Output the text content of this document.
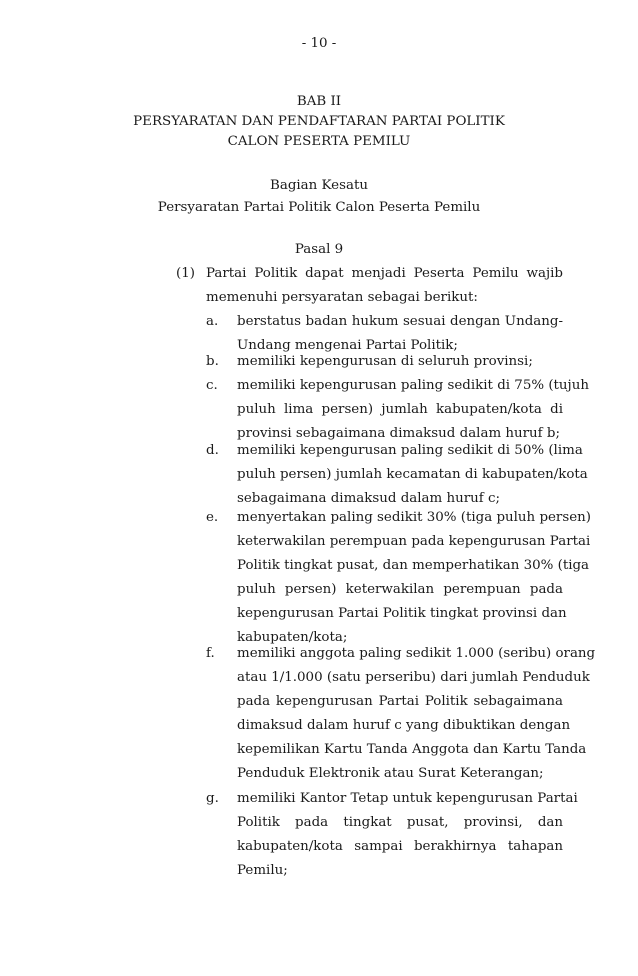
- 10 -
BAB II
PERSYARATAN DAN PENDAFTARAN PARTAI POLITIK
CALON PESERTA PEMILU
Bagian Kesatu
Persyaratan Partai Politik Calon Peserta Pemilu
Pasal 9
(1) Partai Politik dapat menjadi Peserta Pemilu wajib
memenuhi persyaratan sebagai berikut:
a. berstatus badan hukum sesuai dengan Undang-
Undang mengenai Partai Politik;
b. memiliki kepengurusan di seluruh provinsi;
c. memiliki kepengurusan paling sedikit di 75% (tujuh
puluh lima persen) jumlah kabupaten/kota di
provinsi sebagaimana dimaksud dalam huruf b;
d. memiliki kepengurusan paling sedikit di 50% (lima
puluh persen) jumlah kecamatan di kabupaten/kota
sebagaimana dimaksud dalam huruf c;
e. menyertakan paling sedikit 30% (tiga puluh persen)
keterwakilan perempuan pada kepengurusan Partai
Politik tingkat pusat, dan memperhatikan 30% (tiga
puluh persen) keterwakilan perempuan pada
kepengurusan Partai Politik tingkat provinsi dan
kabupaten/kota;
f. memiliki anggota paling sedikit 1.000 (seribu) orang
atau 1/1.000 (satu perseribu) dari jumlah Penduduk
pada kepengurusan Partai Politik sebagaimana
dimaksud dalam huruf c yang dibuktikan dengan
kepemilikan Kartu Tanda Anggota dan Kartu Tanda
Penduduk Elektronik atau Surat Keterangan;
g. memiliki Kantor Tetap untuk kepengurusan Partai
Politik pada tingkat pusat, provinsi, dan
kabupaten/kota sampai berakhirnya tahapan
Pemilu;
